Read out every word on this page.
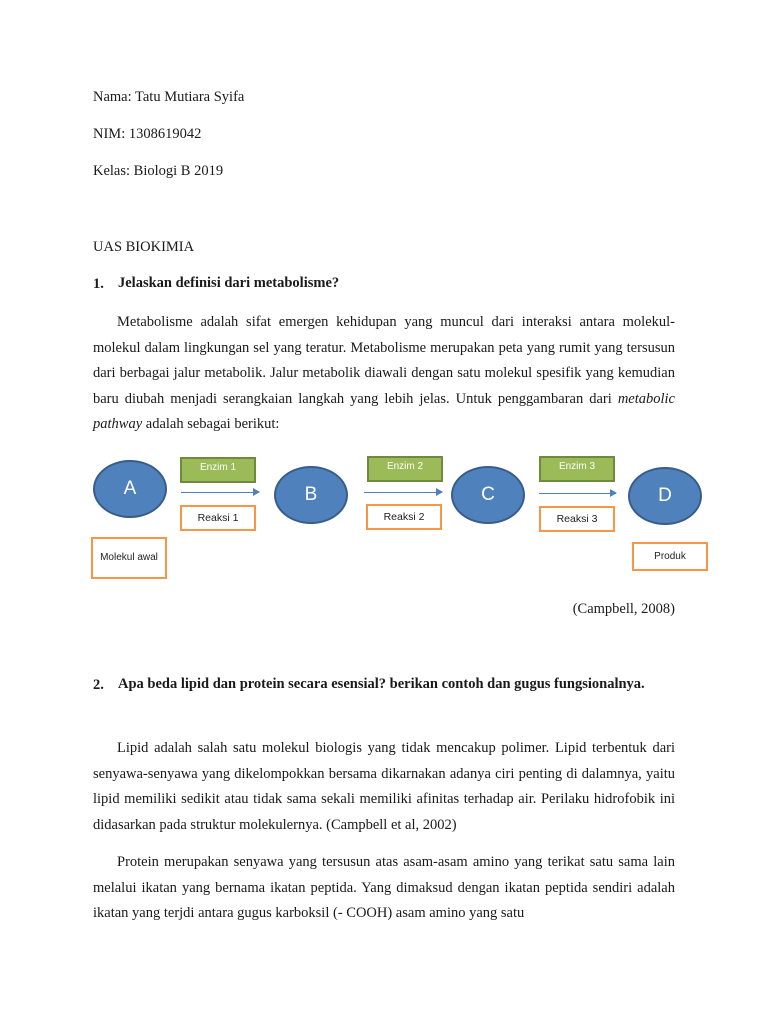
Nama: Tatu Mutiara Syifa
NIM: 1308619042
Kelas: Biologi B 2019
UAS BIOKIMIA
1. Jelaskan definisi dari metabolisme?
Metabolisme adalah sifat emergen kehidupan yang muncul dari interaksi antara molekul-molekul dalam lingkungan sel yang teratur. Metabolisme merupakan peta yang rumit yang tersusun dari berbagai jalur metabolik. Jalur metabolik diawali dengan satu molekul spesifik yang kemudian baru diubah menjadi serangkaian langkah yang lebih jelas. Untuk penggambaran dari metabolic pathway adalah sebagai berikut:
A	B	C	D
Enzim 1	Enzim 2	Enzim 3
Reaksi 1	Reaksi 2	Reaksi 3
Molekul awal	Produk
(Campbell, 2008)
2. Apa beda lipid dan protein secara esensial? berikan contoh dan gugus fungsionalnya.
Lipid adalah salah satu molekul biologis yang tidak mencakup polimer. Lipid terbentuk dari senyawa-senyawa yang dikelompokkan bersama dikarnakan adanya ciri penting di dalamnya, yaitu lipid memiliki sedikit atau tidak sama sekali memiliki afinitas terhadap air. Perilaku hidrofobik ini didasarkan pada struktur molekulernya. (Campbell et al, 2002)
Protein merupakan senyawa yang tersusun atas asam-asam amino yang terikat satu sama lain melalui ikatan yang bernama ikatan peptida. Yang dimaksud dengan ikatan peptida sendiri adalah ikatan yang terjdi antara gugus karboksil (- COOH) asam amino yang satu
